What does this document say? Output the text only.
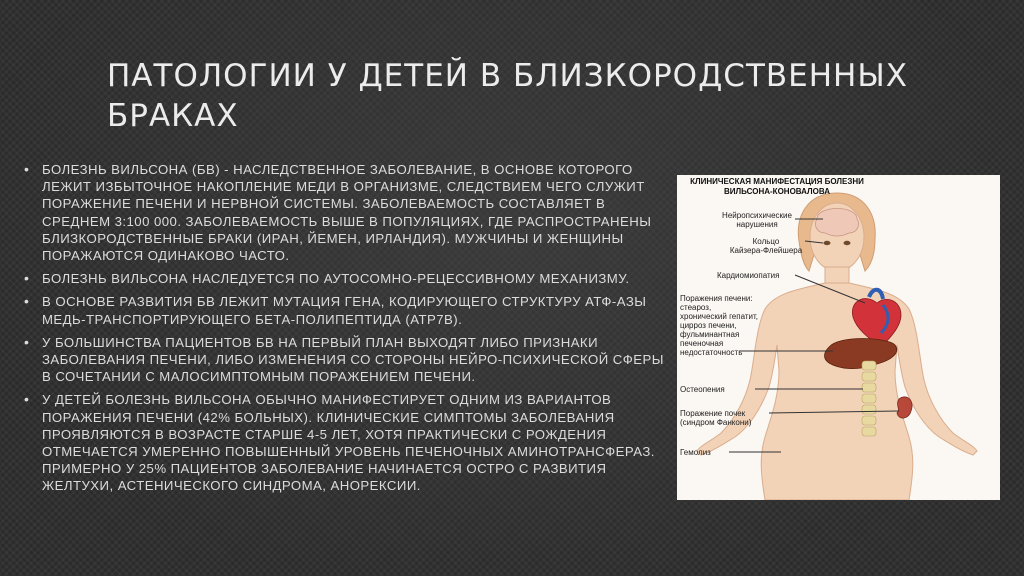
ПАТОЛОГИИ У ДЕТЕЙ В БЛИЗКОРОДСТВЕННЫХ БРАКАХ
• БОЛЕЗНЬ ВИЛЬСОНА (БВ) - НАСЛЕДСТВЕННОЕ ЗАБОЛЕВАНИЕ, В ОСНОВЕ КОТОРОГО ЛЕЖИТ ИЗБЫТОЧНОЕ НАКОПЛЕНИЕ МЕДИ В ОРГАНИЗМЕ, СЛЕДСТВИЕМ ЧЕГО СЛУЖИТ ПОРАЖЕНИЕ ПЕЧЕНИ И НЕРВНОЙ СИСТЕМЫ. ЗАБОЛЕВАЕМОСТЬ СОСТАВЛЯЕТ В СРЕДНЕМ 3:100 000. ЗАБОЛЕВАЕМОСТЬ ВЫШЕ В ПОПУЛЯЦИЯХ, ГДЕ РАСПРОСТРАНЕНЫ БЛИЗКОРОДСТВЕННЫЕ БРАКИ (ИРАН, ЙЕМЕН, ИРЛАНДИЯ). МУЖЧИНЫ И ЖЕНЩИНЫ ПОРАЖАЮТСЯ ОДИНАКОВО ЧАСТО.
• БОЛЕЗНЬ ВИЛЬСОНА НАСЛЕДУЕТСЯ ПО АУТОСОМНО-РЕЦЕССИВНОМУ МЕХАНИЗМУ.
• В ОСНОВЕ РАЗВИТИЯ БВ ЛЕЖИТ МУТАЦИЯ ГЕНА, КОДИРУЮЩЕГО СТРУКТУРУ АТФ-АЗЫ МЕДЬ-ТРАНСПОРТИРУЮЩЕГО БЕТА-ПОЛИПЕПТИДА (АТР7В).
• У БОЛЬШИНСТВА ПАЦИЕНТОВ БВ НА ПЕРВЫЙ ПЛАН ВЫХОДЯТ ЛИБО ПРИЗНАКИ ЗАБОЛЕВАНИЯ ПЕЧЕНИ, ЛИБО ИЗМЕНЕНИЯ СО СТОРОНЫ НЕЙРО-ПСИХИЧЕСКОЙ СФЕРЫ В СОЧЕТАНИИ С МАЛОСИМПТОМНЫМ ПОРАЖЕНИЕМ ПЕЧЕНИ.
• У ДЕТЕЙ БОЛЕЗНЬ ВИЛЬСОНА ОБЫЧНО МАНИФЕСТИРУЕТ ОДНИМ ИЗ ВАРИАНТОВ ПОРАЖЕНИЯ ПЕЧЕНИ (42% БОЛЬНЫХ). КЛИНИЧЕСКИЕ СИМПТОМЫ ЗАБОЛЕВАНИЯ ПРОЯВЛЯЮТСЯ В ВОЗРАСТЕ СТАРШЕ 4-5 ЛЕТ, ХОТЯ ПРАКТИЧЕСКИ С РОЖДЕНИЯ ОТМЕЧАЕТСЯ УМЕРЕННО ПОВЫШЕННЫЙ УРОВЕНЬ ПЕЧЕНОЧНЫХ АМИНОТРАНСФЕРАЗ. ПРИМЕРНО У 25% ПАЦИЕНТОВ ЗАБОЛЕВАНИЕ НАЧИНАЕТСЯ ОСТРО С РАЗВИТИЯ ЖЕЛТУХИ, АСТЕНИЧЕСКОГО СИНДРОМА, АНОРЕКСИИ.
КЛИНИЧЕСКАЯ МАНИФЕСТАЦИЯ БОЛЕЗНИ
ВИЛЬСОНА-КОНОВАЛОВА
Нейропсихические
нарушения
Кольцо
Кайзера-Флейшера
Кардиомиопатия
Поражения печени:
стеароз,
хронический гепатит,
цирроз печени,
фульминантная
печеночная
недостаточность
Остеопения
Поражение почек
(синдром Фанкони)
Гемолиз
